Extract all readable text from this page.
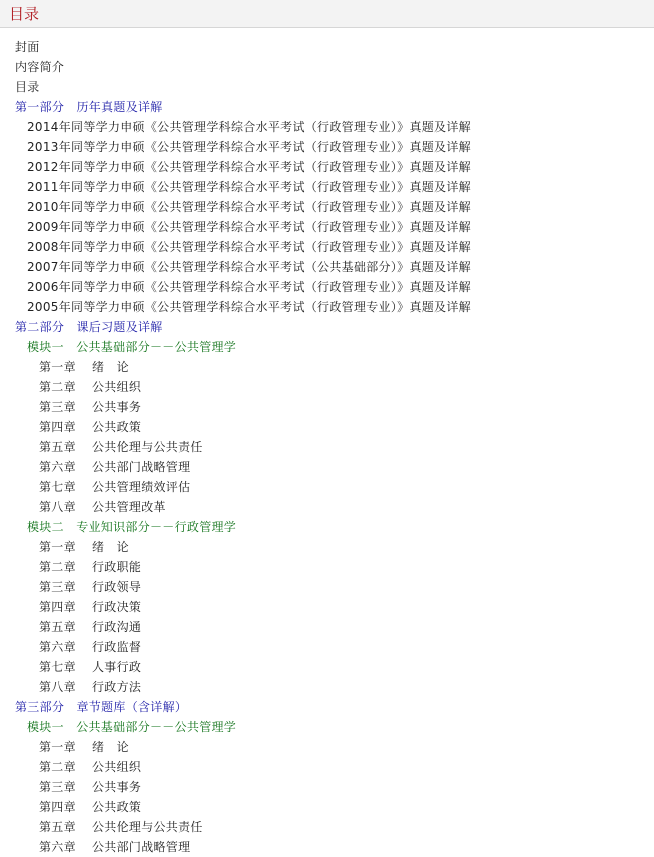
目录
封面
内容简介
目录
第一部分　历年真题及详解
2014年同等学力申硕《公共管理学科综合水平考试（行政管理专业）》真题及详解
2013年同等学力申硕《公共管理学科综合水平考试（行政管理专业）》真题及详解
2012年同等学力申硕《公共管理学科综合水平考试（行政管理专业）》真题及详解
2011年同等学力申硕《公共管理学科综合水平考试（行政管理专业）》真题及详解
2010年同等学力申硕《公共管理学科综合水平考试（行政管理专业）》真题及详解
2009年同等学力申硕《公共管理学科综合水平考试（行政管理专业）》真题及详解
2008年同等学力申硕《公共管理学科综合水平考试（行政管理专业）》真题及详解
2007年同等学力申硕《公共管理学科综合水平考试（公共基础部分）》真题及详解
2006年同等学力申硕《公共管理学科综合水平考试（行政管理专业）》真题及详解
2005年同等学力申硕《公共管理学科综合水平考试（行政管理专业）》真题及详解
第二部分　课后习题及详解
模块一　公共基础部分－－公共管理学
第一章 绪　论
第二章 公共组织
第三章 公共事务
第四章 公共政策
第五章 公共伦理与公共责任
第六章 公共部门战略管理
第七章 公共管理绩效评估
第八章 公共管理改革
模块二　专业知识部分－－行政管理学
第一章 绪　论
第二章 行政职能
第三章 行政领导
第四章 行政决策
第五章 行政沟通
第六章 行政监督
第七章 人事行政
第八章 行政方法
第三部分　章节题库（含详解）
模块一　公共基础部分－－公共管理学
第一章 绪　论
第二章 公共组织
第三章 公共事务
第四章 公共政策
第五章 公共伦理与公共责任
第六章 公共部门战略管理
